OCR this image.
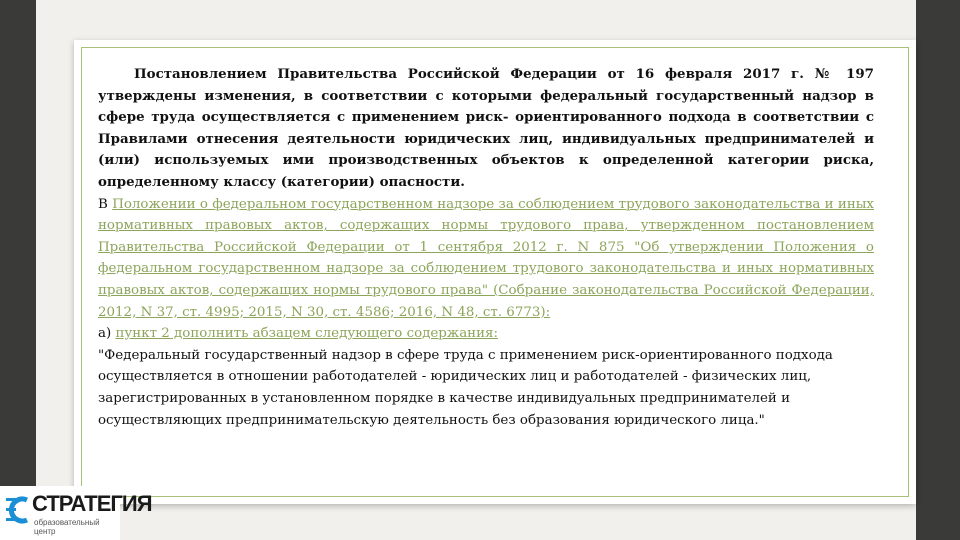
Постановлением Правительства Российской Федерации от 16 февраля 2017 г. № 197 утверждены изменения, в соответствии с которыми федеральный государственный надзор в сфере труда осуществляется с применением риск- ориентированного подхода в соответствии с Правилами отнесения деятельности юридических лиц, индивидуальных предпринимателей и (или) используемых ими производственных объектов к определенной категории риска, определенному классу (категории) опасности.

В Положении о федеральном государственном надзоре за соблюдением трудового законодательства и иных нормативных правовых актов, содержащих нормы трудового права, утвержденном постановлением Правительства Российской Федерации от 1 сентября 2012 г. N 875 "Об утверждении Положения о федеральном государственном надзоре за соблюдением трудового законодательства и иных нормативных правовых актов, содержащих нормы трудового права" (Собрание законодательства Российской Федерации, 2012, N 37, ст. 4995; 2015, N 30, ст. 4586; 2016, N 48, ст. 6773):

а) пункт 2 дополнить абзацем следующего содержания:

"Федеральный государственный надзор в сфере труда с применением риск-ориентированного подхода осуществляется в отношении работодателей - юридических лиц и работодателей - физических лиц, зарегистрированных в установленном порядке в качестве индивидуальных предпринимателей и осуществляющих предпринимательскую деятельность без образования юридического лица."

СТРАТЕГИЯ
образовательный
центр
